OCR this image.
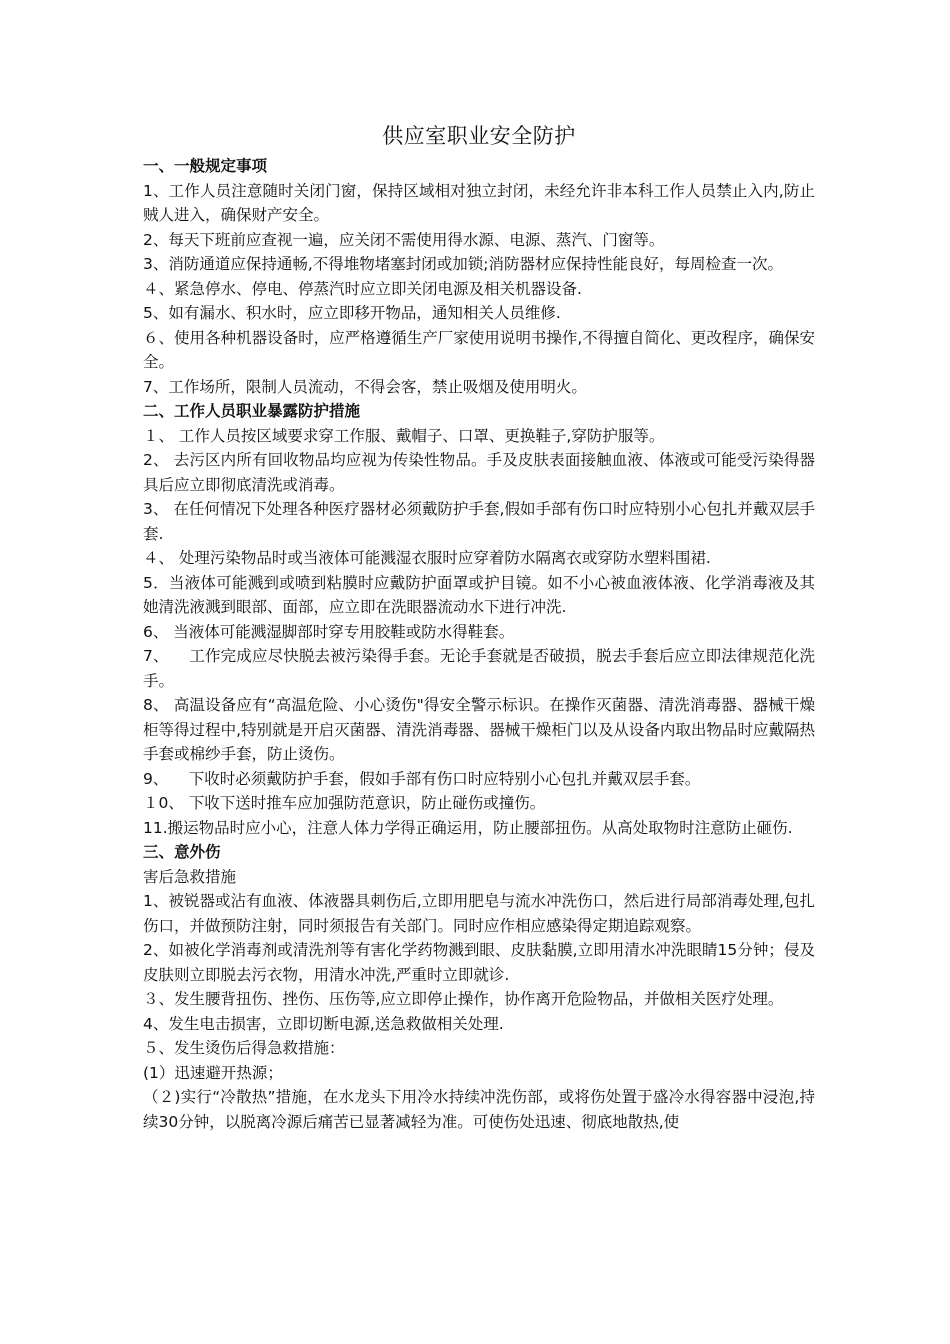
供应室职业安全防护

一、一般规定事项

1、工作人员注意随时关闭门窗，保持区域相对独立封闭，未经允许非本科工作人员禁止入内,防止贼人进入，确保财产安全。

2、每天下班前应查视一遍，应关闭不需使用得水源、电源、蒸汽、门窗等。

3、消防通道应保持通畅,不得堆物堵塞封闭或加锁;消防器材应保持性能良好，每周检查一次。

４、紧急停水、停电、停蒸汽时应立即关闭电源及相关机器设备.

5、如有漏水、积水时，应立即移开物品，通知相关人员维修.

６、使用各种机器设备时，应严格遵循生产厂家使用说明书操作,不得擅自简化、更改程序，确保安全。

7、工作场所，限制人员流动，不得会客，禁止吸烟及使用明火。

二、工作人员职业暴露防护措施

１、 工作人员按区域要求穿工作服、戴帽子、口罩、更换鞋子,穿防护服等。

2、 去污区内所有回收物品均应视为传染性物品。手及皮肤表面接触血液、体液或可能受污染得器具后应立即彻底清洗或消毒。

3、 在任何情况下处理各种医疗器材必须戴防护手套,假如手部有伤口时应特别小心包扎并戴双层手套.

４、 处理污染物品时或当液体可能溅湿衣服时应穿着防水隔离衣或穿防水塑料围裙.

5．当液体可能溅到或喷到粘膜时应戴防护面罩或护目镜。如不小心被血液体液、化学消毒液及其她清洗液溅到眼部、面部，应立即在洗眼器流动水下进行冲洗.

6、 当液体可能溅湿脚部时穿专用胶鞋或防水得鞋套。

7、 　工作完成应尽快脱去被污染得手套。无论手套就是否破损，脱去手套后应立即法律规范化洗手。

8、 高温设备应有“高温危险、小心烫伤"得安全警示标识。在操作灭菌器、清洗消毒器、器械干燥柜等得过程中,特别就是开启灭菌器、清洗消毒器、器械干燥柜门以及从设备内取出物品时应戴隔热手套或棉纱手套，防止烫伤。

9、 　下收时必须戴防护手套，假如手部有伤口时应特别小心包扎并戴双层手套。

１0、 下收下送时推车应加强防范意识，防止碰伤或撞伤。

11.搬运物品时应小心，注意人体力学得正确运用，防止腰部扭伤。从高处取物时注意防止砸伤.

三、意外伤

害后急救措施

1、被锐器或沾有血液、体液器具刺伤后,立即用肥皂与流水冲洗伤口，然后进行局部消毒处理,包扎伤口，并做预防注射，同时须报告有关部门。同时应作相应感染得定期追踪观察。

2、如被化学消毒剂或清洗剂等有害化学药物溅到眼、皮肤黏膜,立即用清水冲洗眼睛15分钟；侵及皮肤则立即脱去污衣物，用清水冲洗,严重时立即就诊.

３、发生腰背扭伤、挫伤、压伤等,应立即停止操作，协作离开危险物品，并做相关医疗处理。

4、发生电击损害，立即切断电源,送急救做相关处理.

５、发生烫伤后得急救措施：

(1）迅速避开热源；

（２)实行“冷散热”措施，在水龙头下用冷水持续冲洗伤部，或将伤处置于盛冷水得容器中浸泡,持续30分钟，以脱离冷源后痛苦已显著减轻为准。可使伤处迅速、彻底地散热,使
